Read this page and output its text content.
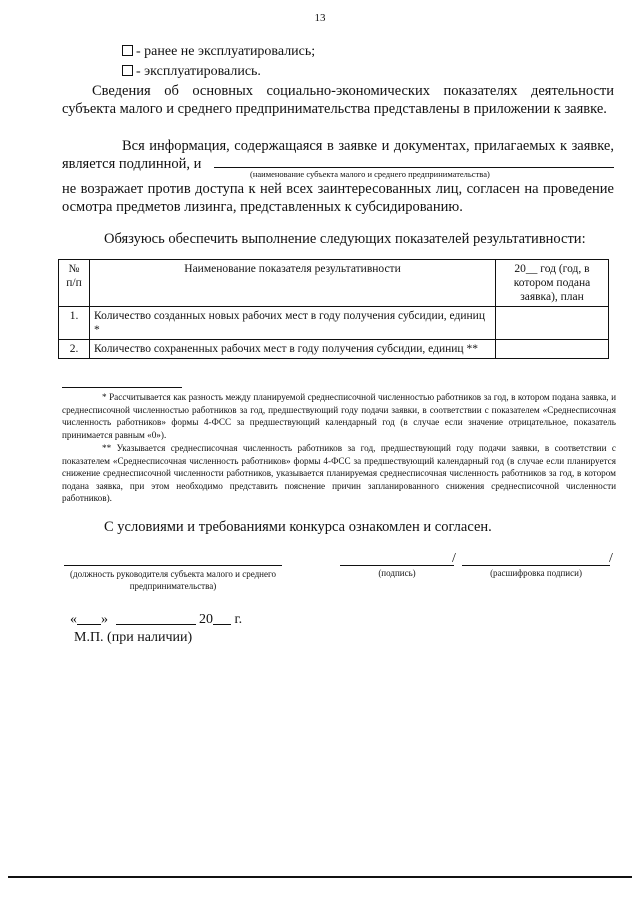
13
- ранее не эксплуатировались;
- эксплуатировались.
Сведения об основных социально-экономических показателях деятельности субъекта малого и среднего предпринимательства представлены в приложении к заявке.
Вся информация, содержащаяся в заявке и документах, прилагаемых к заявке, является подлинной, и
(наименование субъекта малого и среднего предпринимательства)
не возражает против доступа к ней всех заинтересованных лиц, согласен на проведение осмотра предметов лизинга, представленных к субсидированию.
Обязуюсь обеспечить выполнение следующих показателей результативности:
№ п/п	Наименование показателя результативности	20__ год (год, в котором подана заявка), план
1.	Количество созданных новых рабочих мест в году получения субсидии, единиц *	
2.	Количество сохраненных рабочих мест в году получения субсидии, единиц **	
* Рассчитывается как разность между планируемой среднесписочной численностью работников за год, в котором подана заявка, и среднесписочной численностью работников за год, предшествующий году подачи заявки, в соответствии с показателем «Среднесписочная численность работников» формы 4-ФСС за предшествующий календарный год (в случае если значение отрицательное, показатель принимается равным «0»).
** Указывается среднесписочная численность работников за год, предшествующий году подачи заявки, в соответствии с показателем «Среднесписочная численность работников» формы 4-ФСС за предшествующий календарный год (в случае если планируется снижение среднесписочной численности работников, указывается планируемая среднесписочная численность работников за год, в котором подана заявка, при этом необходимо представить пояснение причин запланированного снижения среднесписочной численности работников).
С условиями и требованиями конкурса ознакомлен и согласен.
(должность руководителя субъекта малого и среднего предпринимательства)
/	/
(подпись)	(расшифровка подписи)
« »	20 г.
М.П. (при наличии)
